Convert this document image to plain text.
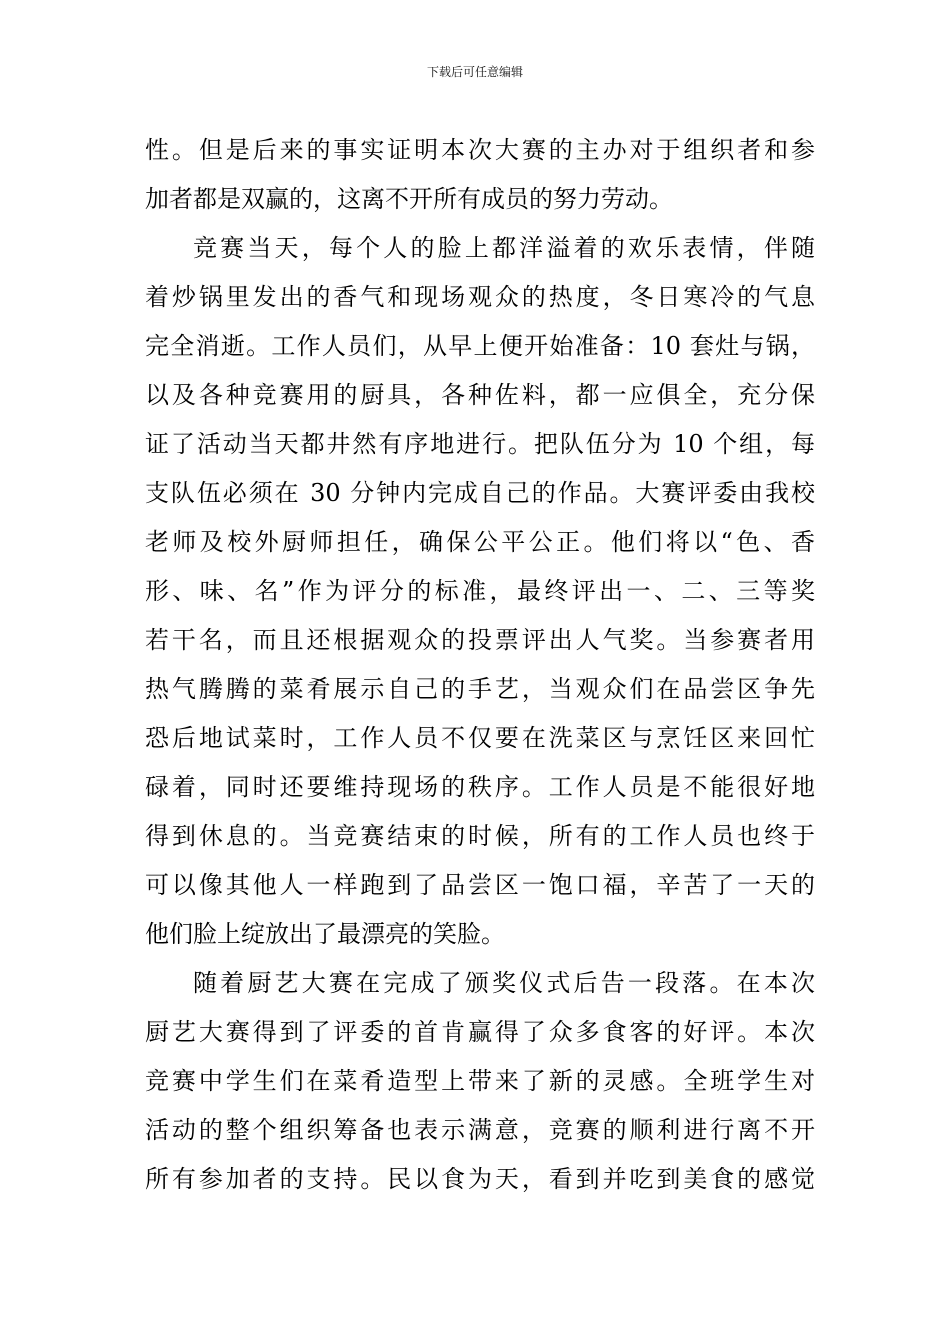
下载后可任意编辑

性。但是后来的事实证明本次大赛的主办对于组织者和参
加者都是双赢的，这离不开所有成员的努力劳动。
竞赛当天，每个人的脸上都洋溢着的欢乐表情，伴随
着炒锅里发出的香气和现场观众的热度，冬日寒冷的气息
完全消逝。工作人员们，从早上便开始准备：10 套灶与锅，
以及各种竞赛用的厨具，各种佐料，都一应俱全，充分保
证了活动当天都井然有序地进行。把队伍分为 10 个组，每
支队伍必须在 30 分钟内完成自己的作品。大赛评委由我校
老师及校外厨师担任，确保公平公正。他们将以“色、香
形、味、名”作为评分的标准，最终评出一、二、三等奖
若干名，而且还根据观众的投票评出人气奖。当参赛者用
热气腾腾的菜肴展示自己的手艺，当观众们在品尝区争先
恐后地试菜时，工作人员不仅要在洗菜区与烹饪区来回忙
碌着，同时还要维持现场的秩序。工作人员是不能很好地
得到休息的。当竞赛结束的时候，所有的工作人员也终于
可以像其他人一样跑到了品尝区一饱口福，辛苦了一天的
他们脸上绽放出了最漂亮的笑脸。
随着厨艺大赛在完成了颁奖仪式后告一段落。在本次
厨艺大赛得到了评委的首肯赢得了众多食客的好评。本次
竞赛中学生们在菜肴造型上带来了新的灵感。全班学生对
活动的整个组织筹备也表示满意，竞赛的顺利进行离不开
所有参加者的支持。民以食为天，看到并吃到美食的感觉
